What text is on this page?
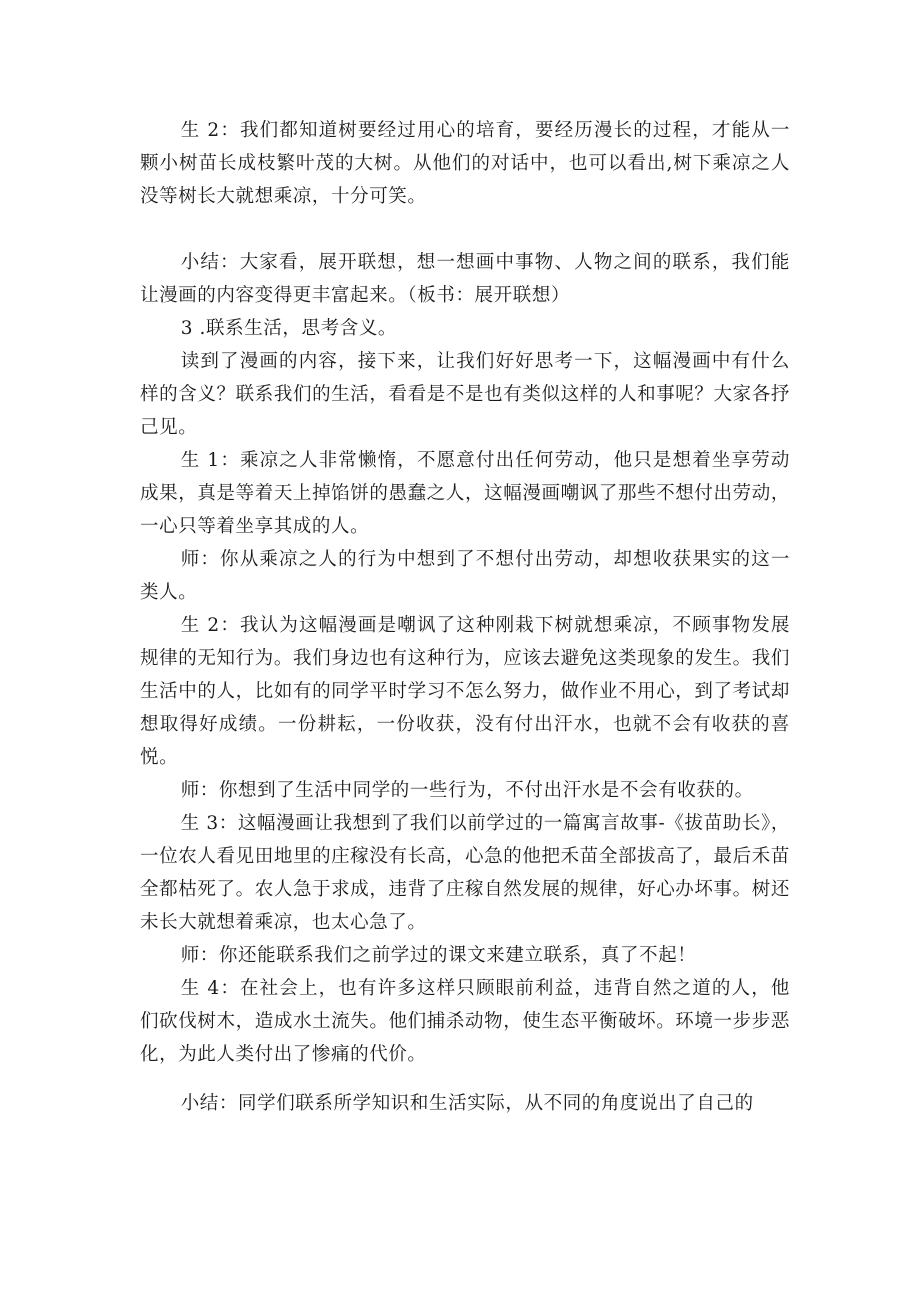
生 2：我们都知道树要经过用心的培育，要经历漫长的过程，才能从一颗小树苗长成枝繁叶茂的大树。从他们的对话中，也可以看出,树下乘凉之人没等树长大就想乘凉，十分可笑。

小结：大家看，展开联想，想一想画中事物、人物之间的联系，我们能让漫画的内容变得更丰富起来。（板书：展开联想）

3 .联系生活，思考含义。

读到了漫画的内容，接下来，让我们好好思考一下，这幅漫画中有什么样的含义？联系我们的生活，看看是不是也有类似这样的人和事呢？大家各抒己见。

生 1：乘凉之人非常懒惰，不愿意付出任何劳动，他只是想着坐享劳动成果，真是等着天上掉馅饼的愚蠢之人，这幅漫画嘲讽了那些不想付出劳动，一心只等着坐享其成的人。

师：你从乘凉之人的行为中想到了不想付出劳动，却想收获果实的这一类人。

生 2：我认为这幅漫画是嘲讽了这种刚栽下树就想乘凉，不顾事物发展规律的无知行为。我们身边也有这种行为，应该去避免这类现象的发生。我们生活中的人，比如有的同学平时学习不怎么努力，做作业不用心，到了考试却想取得好成绩。一份耕耘，一份收获，没有付出汗水，也就不会有收获的喜悦。

师：你想到了生活中同学的一些行为，不付出汗水是不会有收获的。

生 3：这幅漫画让我想到了我们以前学过的一篇寓言故事-《拔苗助长》，一位农人看见田地里的庄稼没有长高，心急的他把禾苗全部拔高了，最后禾苗全都枯死了。农人急于求成，违背了庄稼自然发展的规律，好心办坏事。树还未长大就想着乘凉，也太心急了。

师：你还能联系我们之前学过的课文来建立联系，真了不起！

生 4：在社会上，也有许多这样只顾眼前利益，违背自然之道的人，他们砍伐树木，造成水土流失。他们捕杀动物，使生态平衡破坏。环境一步步恶化，为此人类付出了惨痛的代价。

小结：同学们联系所学知识和生活实际，从不同的角度说出了自己的
